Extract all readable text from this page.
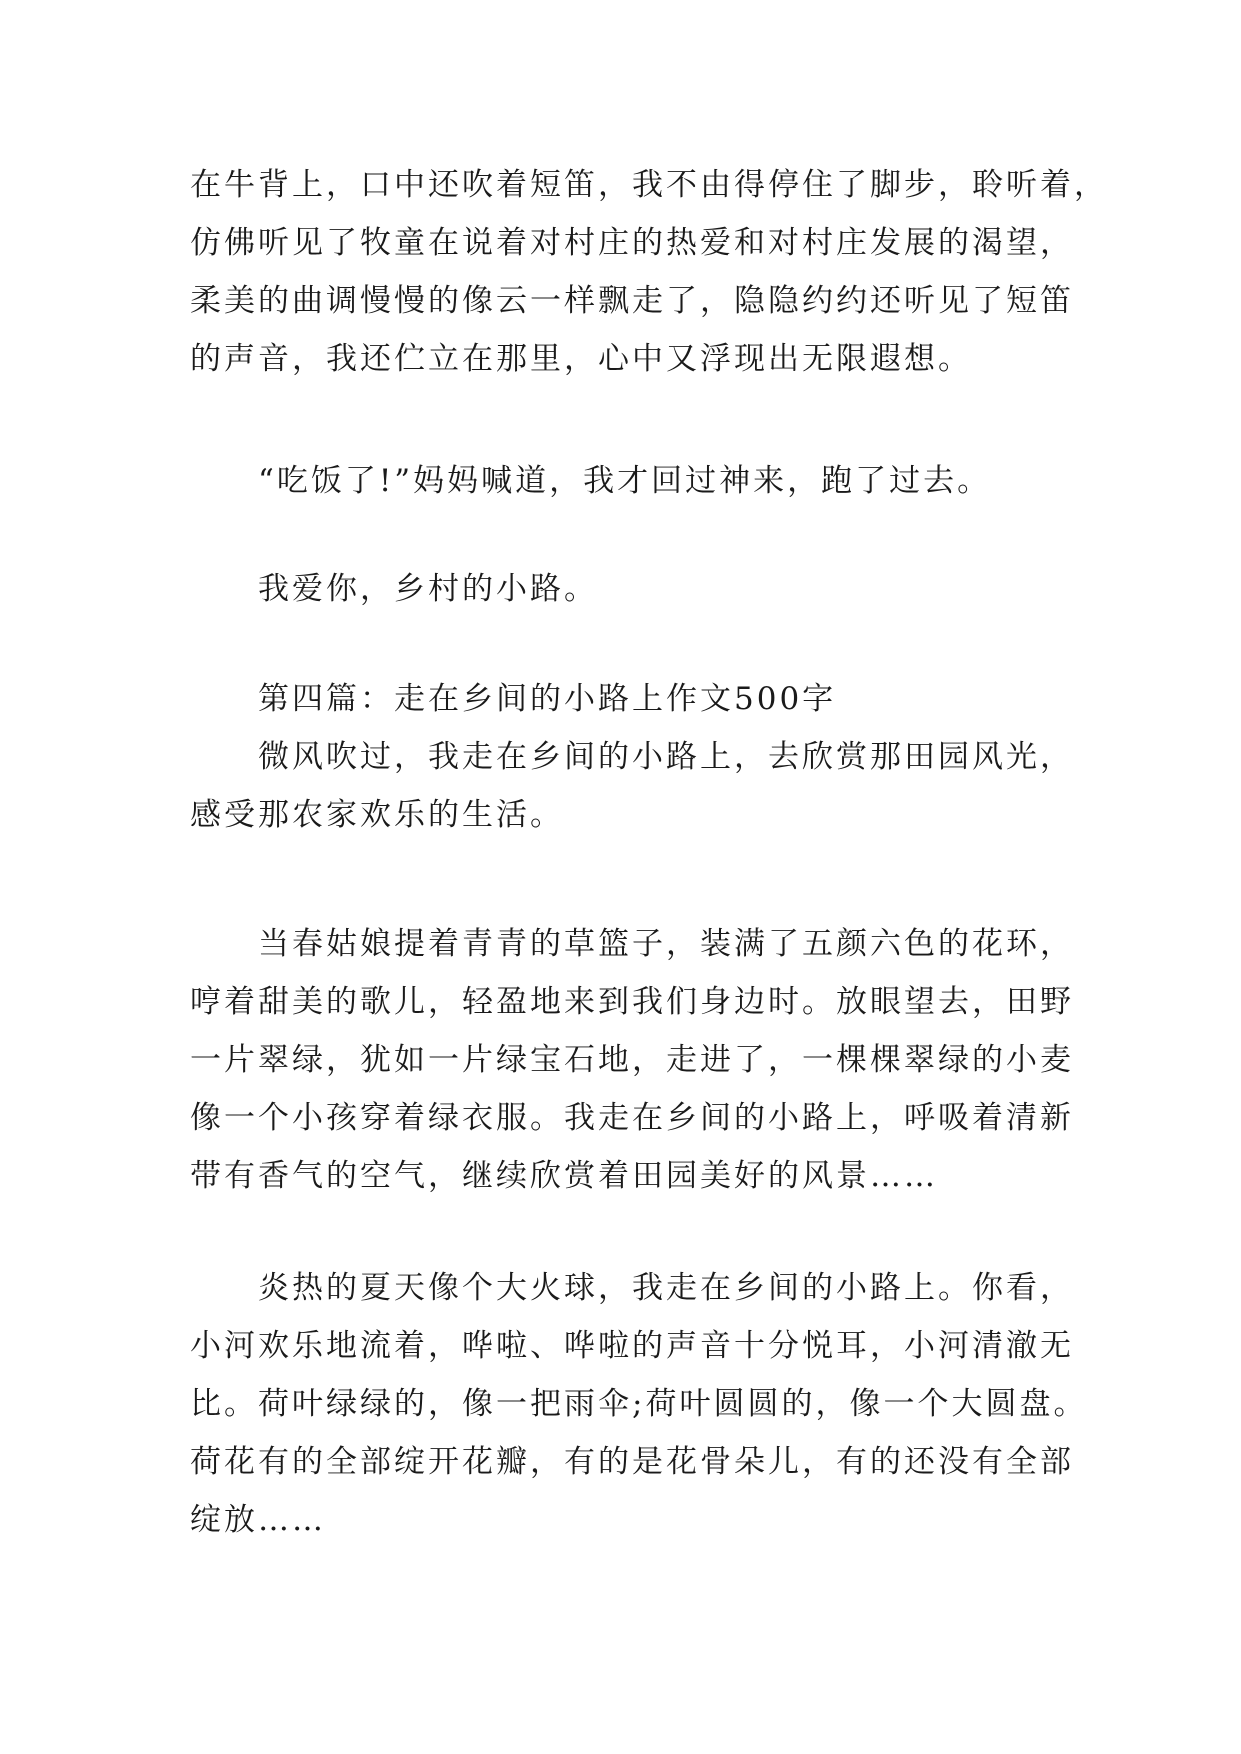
在牛背上，口中还吹着短笛，我不由得停住了脚步，聆听着，
仿佛听见了牧童在说着对村庄的热爱和对村庄发展的渴望，
柔美的曲调慢慢的像云一样飘走了，隐隐约约还听见了短笛
的声音，我还伫立在那里，心中又浮现出无限遐想。
“吃饭了!”妈妈喊道，我才回过神来，跑了过去。
我爱你，乡村的小路。
第四篇：走在乡间的小路上作文500字
微风吹过，我走在乡间的小路上，去欣赏那田园风光，
感受那农家欢乐的生活。
当春姑娘提着青青的草篮子，装满了五颜六色的花环，
哼着甜美的歌儿，轻盈地来到我们身边时。放眼望去，田野
一片翠绿，犹如一片绿宝石地，走进了，一棵棵翠绿的小麦
像一个小孩穿着绿衣服。我走在乡间的小路上，呼吸着清新
带有香气的空气，继续欣赏着田园美好的风景……
炎热的夏天像个大火球，我走在乡间的小路上。你看，
小河欢乐地流着，哗啦、哗啦的声音十分悦耳，小河清澈无
比。荷叶绿绿的，像一把雨伞;荷叶圆圆的，像一个大圆盘。
荷花有的全部绽开花瓣，有的是花骨朵儿，有的还没有全部
绽放……
